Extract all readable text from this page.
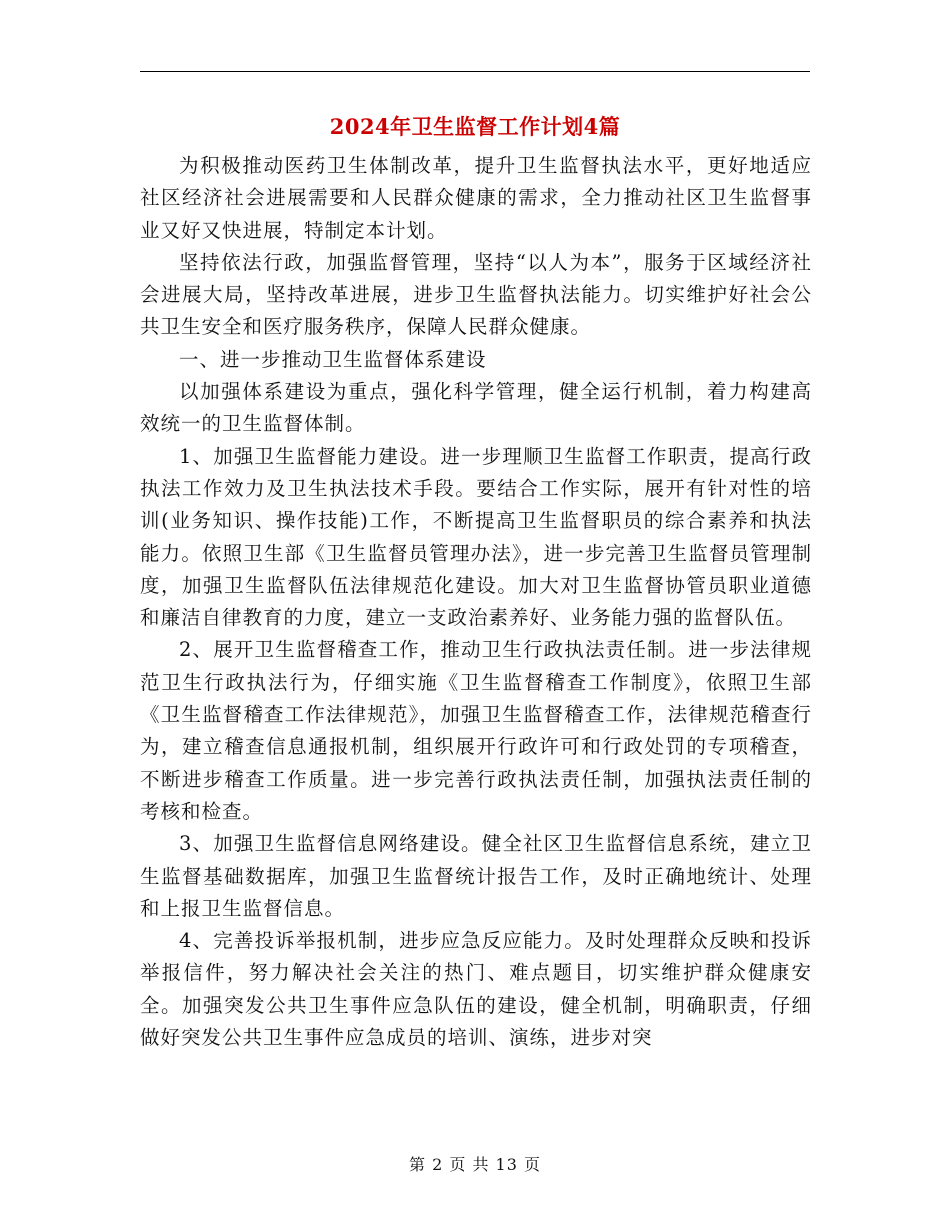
2024年卫生监督工作计划4篇

为积极推动医药卫生体制改革，提升卫生监督执法水平，更好地适应社区经济社会进展需要和人民群众健康的需求，全力推动社区卫生监督事业又好又快进展，特制定本计划。

坚持依法行政，加强监督管理，坚持“以人为本”，服务于区域经济社会进展大局，坚持改革进展，进步卫生监督执法能力。切实维护好社会公共卫生安全和医疗服务秩序，保障人民群众健康。

一、进一步推动卫生监督体系建设

以加强体系建设为重点，强化科学管理，健全运行机制，着力构建高效统一的卫生监督体制。

1、加强卫生监督能力建设。进一步理顺卫生监督工作职责，提高行政执法工作效力及卫生执法技术手段。要结合工作实际，展开有针对性的培训(业务知识、操作技能)工作，不断提高卫生监督职员的综合素养和执法能力。依照卫生部《卫生监督员管理办法》，进一步完善卫生监督员管理制度，加强卫生监督队伍法律规范化建设。加大对卫生监督协管员职业道德和廉洁自律教育的力度，建立一支政治素养好、业务能力强的监督队伍。

2、展开卫生监督稽查工作，推动卫生行政执法责任制。进一步法律规范卫生行政执法行为，仔细实施《卫生监督稽查工作制度》，依照卫生部《卫生监督稽查工作法律规范》，加强卫生监督稽查工作，法律规范稽查行为，建立稽查信息通报机制，组织展开行政许可和行政处罚的专项稽查，不断进步稽查工作质量。进一步完善行政执法责任制，加强执法责任制的考核和检查。

3、加强卫生监督信息网络建设。健全社区卫生监督信息系统，建立卫生监督基础数据库，加强卫生监督统计报告工作，及时正确地统计、处理和上报卫生监督信息。

4、完善投诉举报机制，进步应急反应能力。及时处理群众反映和投诉举报信件，努力解决社会关注的热门、难点题目，切实维护群众健康安全。加强突发公共卫生事件应急队伍的建设，健全机制，明确职责，仔细做好突发公共卫生事件应急成员的培训、演练，进步对突

第 2 页 共 13 页
